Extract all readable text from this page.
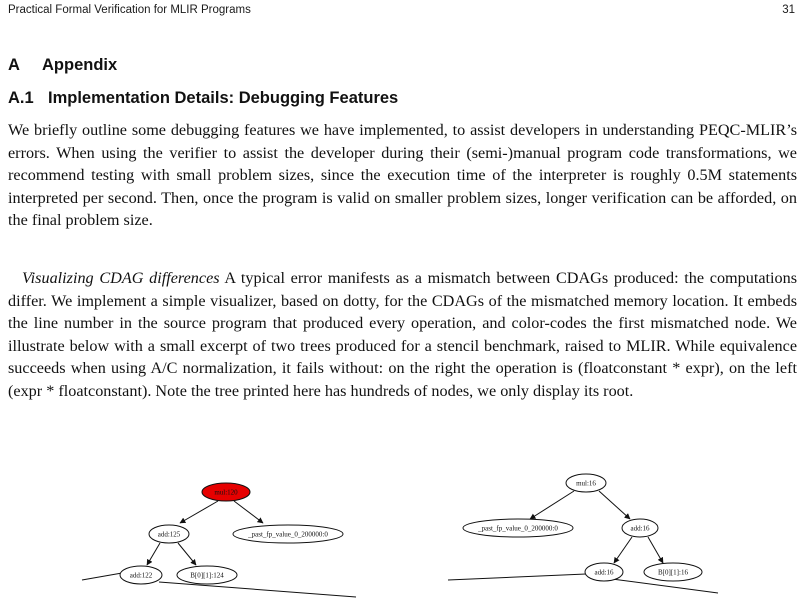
Practical Formal Verification for MLIR Programs	31
A Appendix
A.1 Implementation Details: Debugging Features

We briefly outline some debugging features we have implemented, to assist developers in understanding PEQC-MLIR’s errors. When using the verifier to assist the developer during their (semi-)manual program code transformations, we recommend testing with small problem sizes, since the execution time of the interpreter is roughly 0.5M statements interpreted per second. Then, once the program is valid on smaller problem sizes, longer verification can be afforded, on the final problem size.

Visualizing CDAG differences A typical error manifests as a mismatch between CDAGs produced: the computations differ. We implement a simple visualizer, based on dotty, for the CDAGs of the mismatched memory location. It embeds the line number in the source program that produced every operation, and color-codes the first mismatched node. We illustrate below with a small excerpt of two trees produced for a stencil benchmark, raised to MLIR. While equivalence succeeds when using A/C normalization, it fails without: on the right the operation is (floatconstant * expr), on the left (expr * floatconstant). Note the tree printed here has hundreds of nodes, we only display its root.

mul:120
add:125	_past_fp_value_0_200000:0
add:122	B[0][1]:124
mul:16
_past_fp_value_0_200000:0	add:16
add:16	B[0][1]:16
